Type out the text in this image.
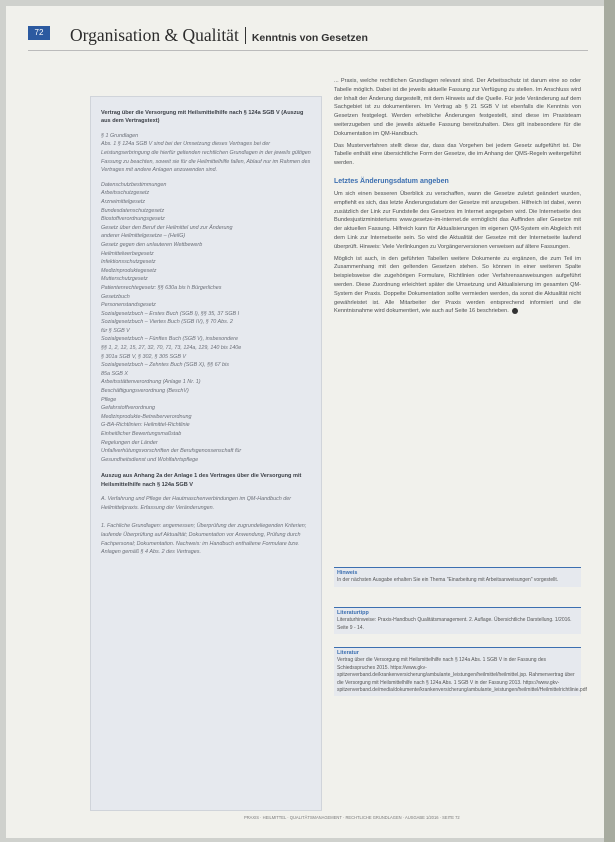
72	Organisation & Qualität Kenntnis von Gesetzen
Vertrag über die Versorgung mit Heilsmittelhilfe nach § 124a SGB V (Auszug aus dem Vertragstext)

§ 1 Grundlagen
Abs. 1 § 124a SGB V sind bei der Umsetzung dieses Vertrages bei der Leistungserbringung die hierfür geltenden rechtlichen Grundlagen in der jeweils gültigen Fassung zu beachten, soweit sie für die Heilmittelhilfe fallen, Ablauf nur im Rahmen des Vertrages mit andere Anlagen anzuwenden sind.

Datenschutzbestimmungen
Arbeitsschutzgesetz
Arzneimittelgesetz
Bundesdatenschutzgesetz
Biostoffverordnungsgesetz
Gesetz über den Beruf der Heilmittel und zur Änderung
anderer Heilmittelgesetze – (HeilG)
Gesetz gegen den unlauteren Wettbewerb
Heilmittelwerbegesetz
Infektionsschutzgesetz
Medizinproduktegesetz
Mutterschutzgesetz
Patientenrechtegesetz: §§ 630a bis h Bürgerliches
Gesetzbuch
Personenstandsgesetz
Sozialgesetzbuch – Erstes Buch (SGB I), §§ 35, 37 SGB I
Sozialgesetzbuch – Viertes Buch (SGB IV), § 70 Abs. 2
für § SGB V
Sozialgesetzbuch – Fünftes Buch (SGB V), insbesondere
§§ 1, 2, 12, 15, 27, 32, 70, 71, 73, 124a, 129, 140 bis 140e
§ 301a SGB V, § 302, § 305 SGB V
Sozialgesetzbuch – Zehntes Buch (SGB X), §§ 67 bis
85a SGB X
Arbeitsstättenverordnung (Anlage 1 Nr. 1)
Beschäftigungsverordnung (BeschV)
Pflege
Gefahrstoffverordnung
Medizinprodukte-Betreiberverordnung
G-BA-Richtlinien: Heilmittel-Richtlinie
Einheitlicher Bewertungsmaßstab
Regelungen der Länder
Unfallverhütungsvorschriften der Berufsgenossenschaft für
Gesundheitsdienst und Wohlfahrtspflege
Auszug aus Anhang 2a der Anlage 1 des Vertrages über die Versorgung mit Heilsmittelhilfe nach § 124a SGB V

A. Verfahrung und Pflege der Hautmaschenverbindungen im QM-Handbuch der Heilmittelpraxis. Erfassung der Veränderungen.

1. Fachliche Grundlagen: angemessen; Überprüfung der zugrundeliegenden Kriterien; laufende Überprüfung auf Aktualität; Dokumentation vor Anwendung, Prüfung durch Fachpersonal; Dokumentation. Nachweis: im Handbuch enthaltene Formulare bzw. Anlagen gemäß § 4 Abs. 2 des Vertrages.

... Praxis, welche rechtlichen Grundlagen relevant sind. Der Arbeitsschutz ist darum eine so oder Tabelle möglich. Dabei ist die jeweils aktuelle Fassung zur Verfügung zu stellen. Im Anschluss wird der Inhalt der Änderung dargestellt, mit dem Hinweis auf die Quelle. Für jede Veränderung auf dem Sachgebiet ist zu dokumentieren. Im Vertrag ab § 21 SGB V ist ebenfalls die Kenntnis von Gesetzen festgelegt. Werden erhebliche Änderungen festgestellt, sind diese im Praxisteam weiterzugeben und die jeweils aktuelle Fassung bereitzuhalten. Dies gilt insbesondere für die Dokumentation im QM-Handbuch.

Das Musterverfahren stellt diese dar, dass das Vorgehen bei jedem Gesetz aufgeführt ist. Die Tabelle enthält eine übersichtliche Form der Gesetze, die im Anhang der QMS-Regeln weitergeführt werden.

Letztes Änderungsdatum angeben

Um sich einen besseren Überblick zu verschaffen, wann die Gesetze zuletzt geändert wurden, empfiehlt es sich, das letzte Änderungsdatum der Gesetze mit anzugeben. Hilfreich ist dabei, wenn zusätzlich der Link zur Fundstelle des Gesetzes im Internet angegeben wird. Die Internetseite des Bundesjustizministeriums www.gesetze-im-internet.de ermöglicht das Auffinden aller Gesetze mit der aktuellen Fassung. Hilfreich kann für Aktualisierungen im eigenen QM-System ein Abgleich mit dem Link zur Internetseite sein. So wird die Aktualität der Gesetze mit der Internetseite laufend überprüft. Hinweis: Viele Verlinkungen zu Vorgängerversionen verweisen auf ältere Fassungen.

Möglich ist auch, in den geführten Tabellen weitere Dokumente zu ergänzen, die zum Teil im Zusammenhang mit den geltenden Gesetzen stehen. So können in einer weiteren Spalte beispielsweise die zugehörigen Formulare, Richtlinien oder Verfahrensanweisungen aufgeführt werden. Diese Zuordnung erleichtert später die Umsetzung und Aktualisierung im gesamten QM-System der Praxis. Doppelte Dokumentation sollte vermieden werden, da sonst die Aktualität nicht gewährleistet ist. Alle Mitarbeiter der Praxis werden entsprechend informiert und die Kenntnisnahme wird dokumentiert, wie auch auf Seite 16 beschrieben.

Hinweis
In der nächsten Ausgabe erhalten Sie ein Thema "Einarbeitung mit Arbeitsanweisungen" vorgestellt.
Literaturtipp
Literaturhinweise: Praxis-Handbuch Qualitätsmanagement. 2. Auflage. Übersichtliche Darstellung. 1/2016. Seite 9 - 14.
Literatur
Vertrag über die Versorgung mit Heilsmittelhilfe nach § 124a Abs. 1 SGB V in der Fassung des Schiedsspruches 2015. https://www.gkv-spitzenverband.de/krankenversicherung/ambulante_leistungen/heilmittel/heilmittel.jsp. Rahmenvertrag über die Versorgung mit Heilsmittelhilfe nach § 124a Abs. 1 SGB V in der Fassung 2013. https://www.gkv-spitzenverband.de/media/dokumente/krankenversicherung/ambulante_leistungen/heilmittel/Heilmittelrichtlinie.pdf
PRAXIS · HEILMITTEL · QUALITÄTSMANAGEMENT · RECHTLICHE GRUNDLAGEN · AUSGABE 1/2016 · SEITE 72
